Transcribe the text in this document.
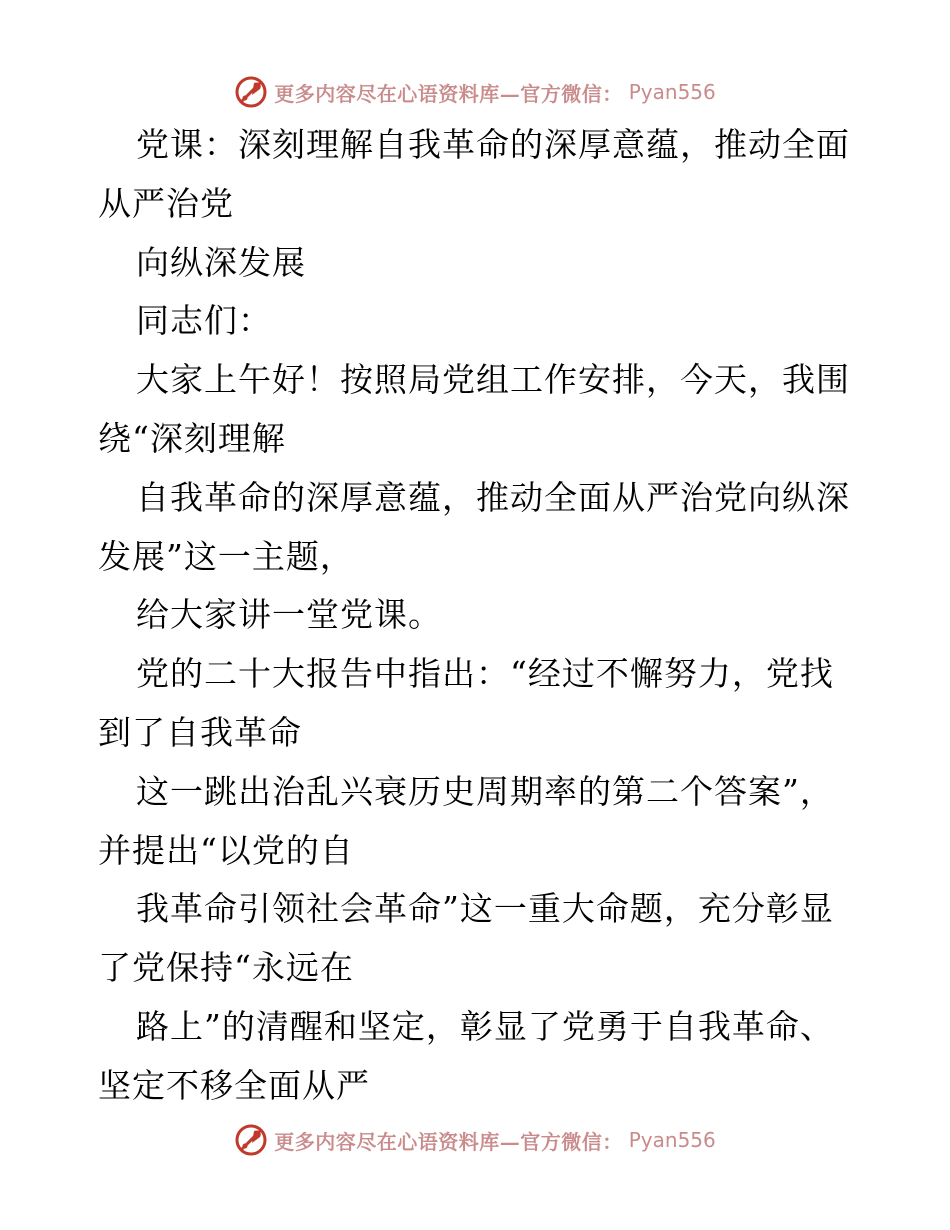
更多内容尽在心语资料库—官方微信： Pyan556
党课：深刻理解自我革命的深厚意蕴，推动全面
从严治党
向纵深发展
同志们：
大家上午好！按照局党组工作安排，今天，我围
绕“深刻理解
自我革命的深厚意蕴，推动全面从严治党向纵深
发展”这一主题，
给大家讲一堂党课。
党的二十大报告中指出：“经过不懈努力，党找
到了自我革命
这一跳出治乱兴衰历史周期率的第二个答案”，
并提出“以党的自
我革命引领社会革命”这一重大命题，充分彰显
了党保持“永远在
路上”的清醒和坚定，彰显了党勇于自我革命、
坚定不移全面从严
更多内容尽在心语资料库—官方微信： Pyan556
